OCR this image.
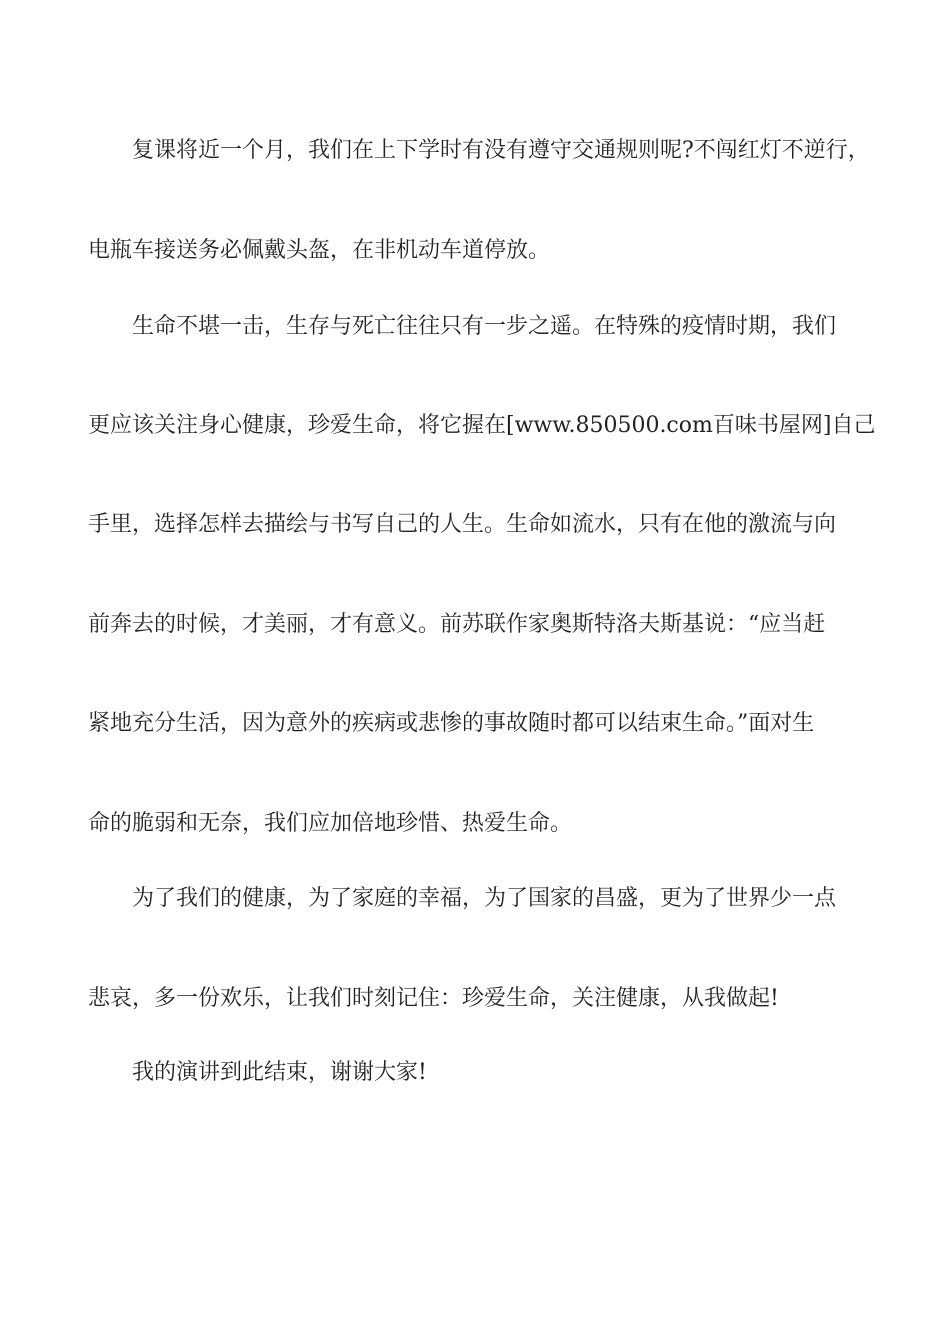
复课将近一个月，我们在上下学时有没有遵守交通规则呢?不闯红灯不逆行，
电瓶车接送务必佩戴头盔，在非机动车道停放。
生命不堪一击，生存与死亡往往只有一步之遥。在特殊的疫情时期，我们
更应该关注身心健康，珍爱生命，将它握在[www.850500.com百味书屋网]自己
手里，选择怎样去描绘与书写自己的人生。生命如流水，只有在他的激流与向
前奔去的时候，才美丽，才有意义。前苏联作家奥斯特洛夫斯基说：“应当赶
紧地充分生活，因为意外的疾病或悲惨的事故随时都可以结束生命。”面对生
命的脆弱和无奈，我们应加倍地珍惜、热爱生命。
为了我们的健康，为了家庭的幸福，为了国家的昌盛，更为了世界少一点
悲哀，多一份欢乐，让我们时刻记住：珍爱生命，关注健康，从我做起!
我的演讲到此结束，谢谢大家!
